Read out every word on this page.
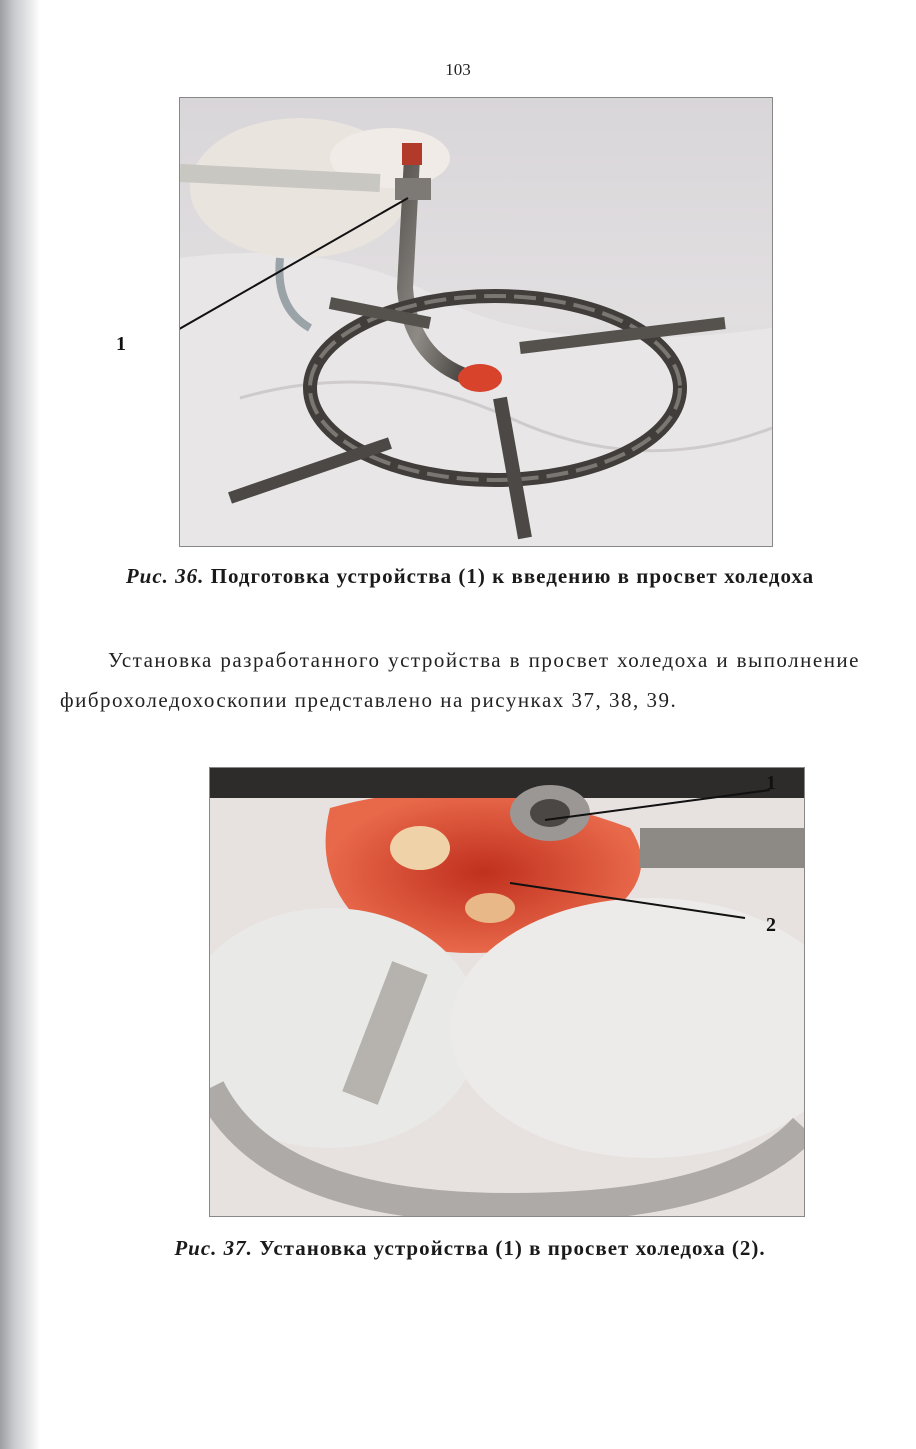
103
1
Рис. 36. Подготовка устройства (1) к введению в просвет холедоха
Установка разработанного устройства в просвет холедоха и выполнение фиброхоледохоскопии представлено на рисунках 37, 38, 39.
1
2
Рис. 37. Установка устройства (1) в просвет холедоха (2).
